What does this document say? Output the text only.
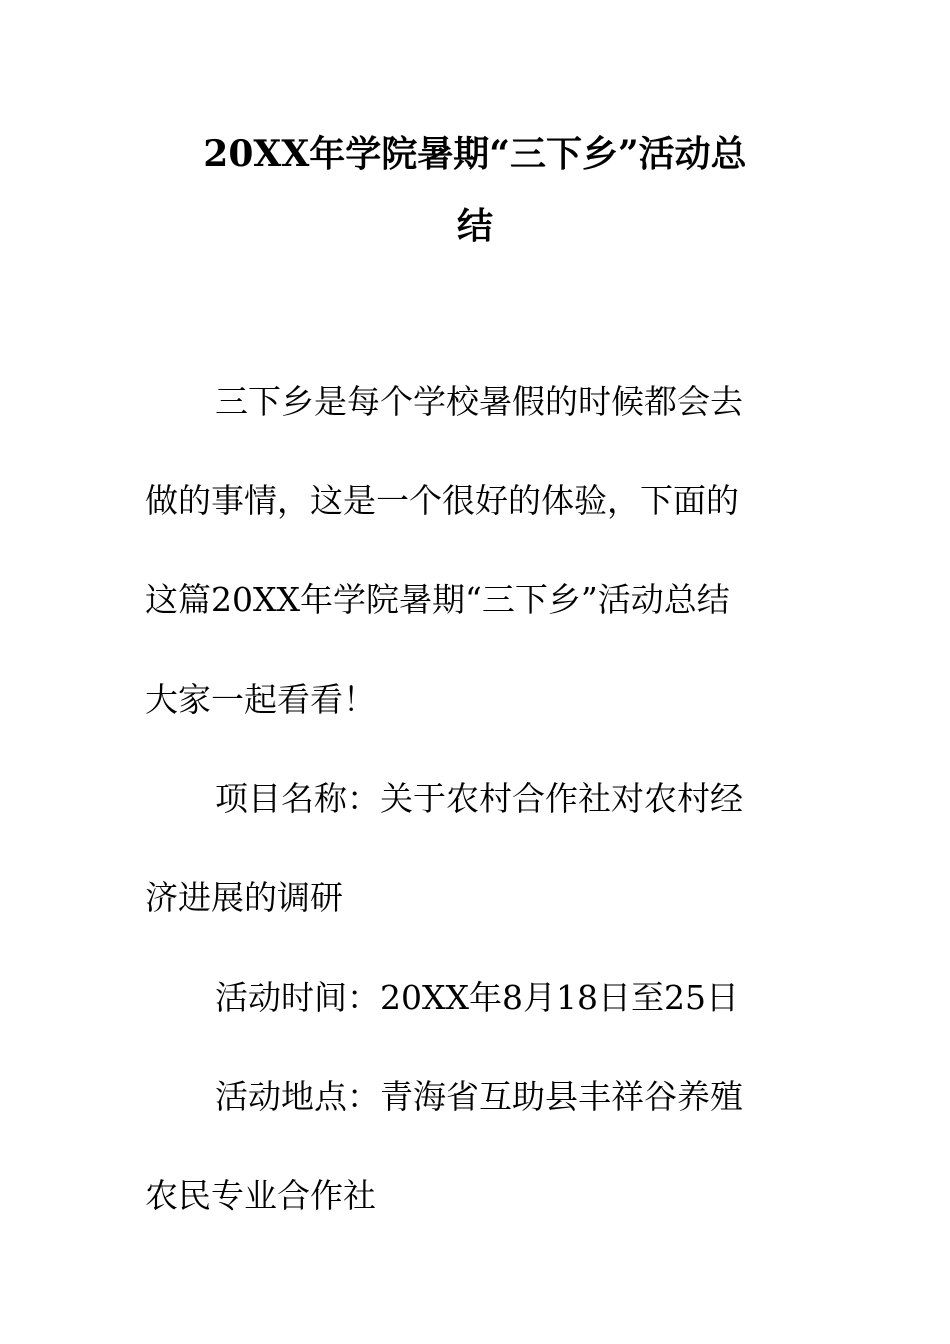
20XX年学院暑期“三下乡”活动总
结
三下乡是每个学校暑假的时候都会去
做的事情，这是一个很好的体验，下面的
这篇20XX年学院暑期“三下乡”活动总结
大家一起看看！
项目名称：关于农村合作社对农村经
济进展的调研
活动时间：20XX年8月18日至25日
活动地点：青海省互助县丰祥谷养殖
农民专业合作社
